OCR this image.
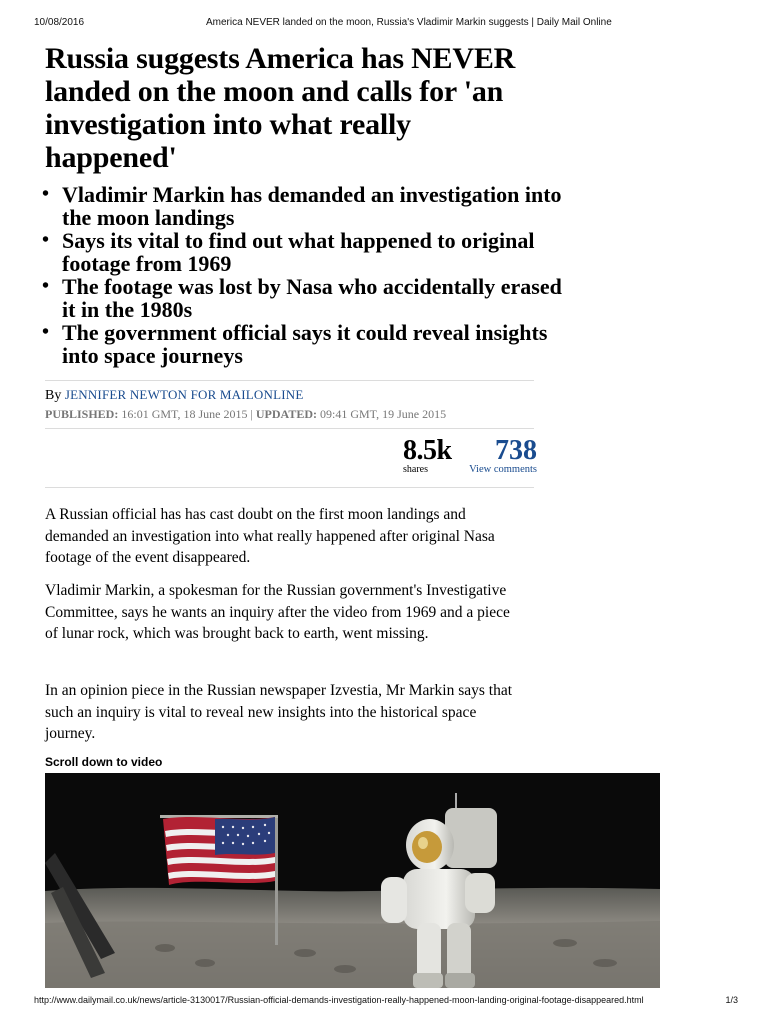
10/08/2016	America NEVER landed on the moon, Russia's Vladimir Markin suggests | Daily Mail Online
Russia suggests America has NEVER landed on the moon and calls for 'an investigation into what really happened'
• Vladimir Markin has demanded an investigation into the moon landings
• Says its vital to find out what happened to original footage from 1969
• The footage was lost by Nasa who accidentally erased it in the 1980s
• The government official says it could reveal insights into space journeys
By JENNIFER NEWTON FOR MAILONLINE
PUBLISHED: 16:01 GMT, 18 June 2015 | UPDATED: 09:41 GMT, 19 June 2015
8.5k
shares
738
View comments

A Russian official has has cast doubt on the first moon landings and demanded an investigation into what really happened after original Nasa footage of the event disappeared.

Vladimir Markin, a spokesman for the Russian government's Investigative Committee, says he wants an inquiry after the video from 1969 and a piece of lunar rock, which was brought back to earth, went missing.

In an opinion piece in the Russian newspaper Izvestia, Mr Markin says that such an inquiry is vital to reveal new insights into the historical space journey.

Scroll down to video
http://www.dailymail.co.uk/news/article-3130017/Russian-official-demands-investigation-really-happened-moon-landing-original-footage-disappeared.html	1/3
